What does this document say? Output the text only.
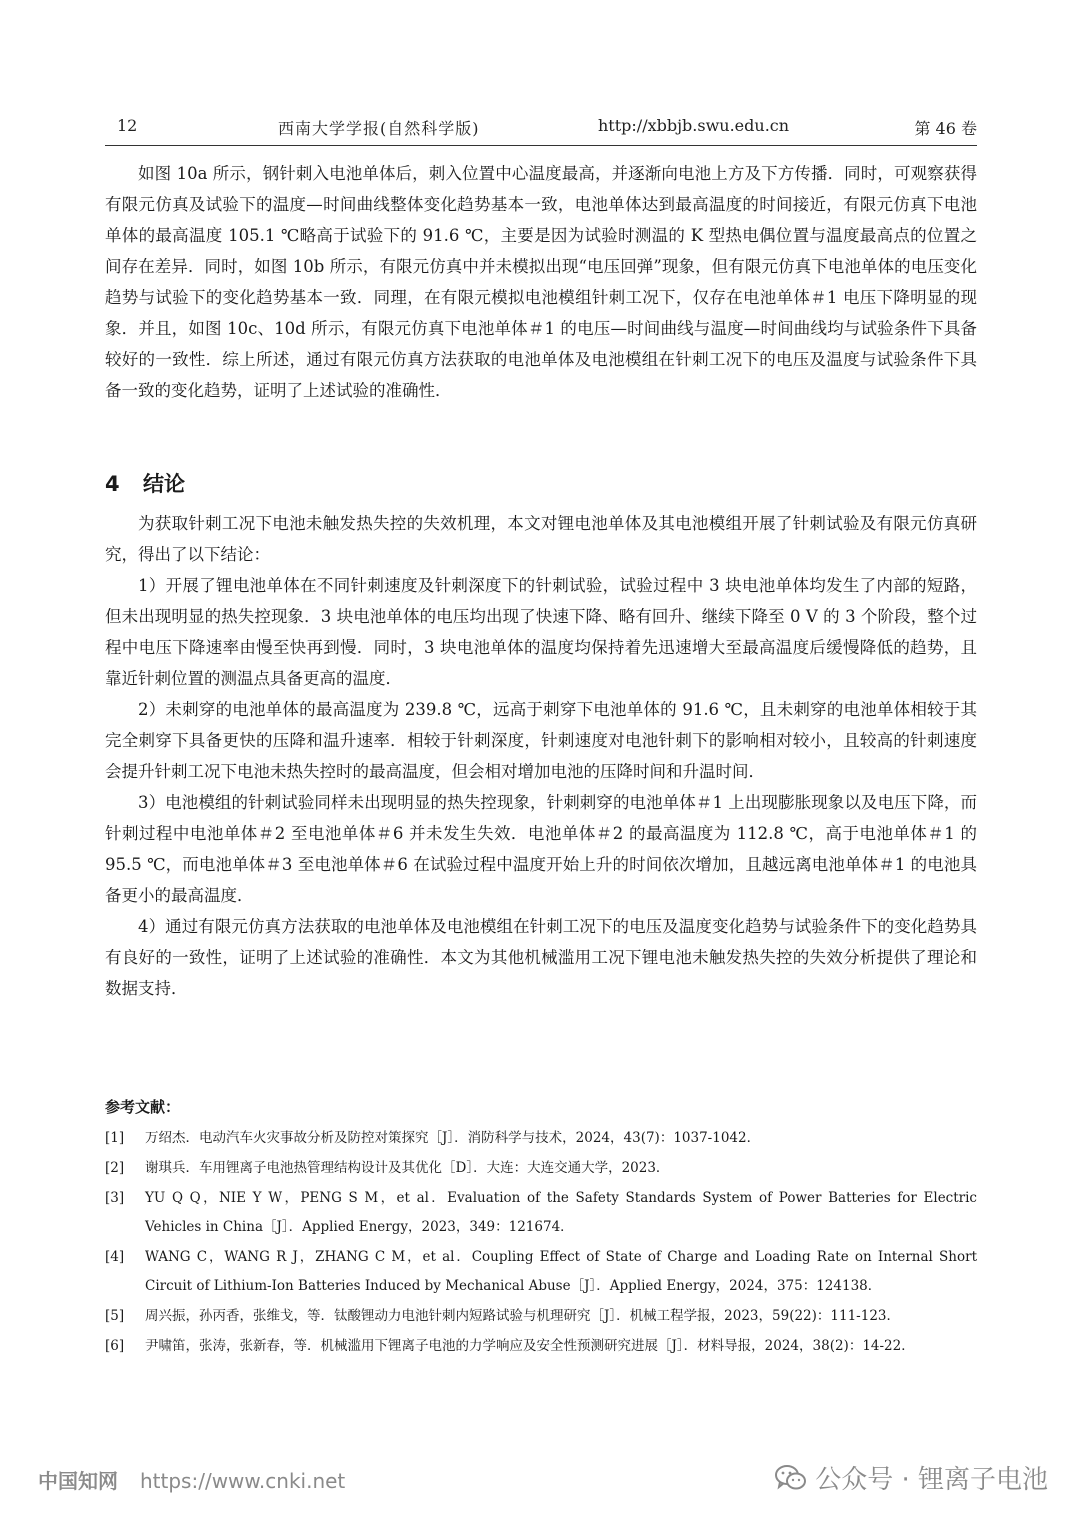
12	西南大学学报(自然科学版)	http://xbbjb.swu.edu.cn	第 46 卷

如图 10a 所示，钢针刺入电池单体后，刺入位置中心温度最高，并逐渐向电池上方及下方传播．同时，可观察获得有限元仿真及试验下的温度—时间曲线整体变化趋势基本一致，电池单体达到最高温度的时间接近，有限元仿真下电池单体的最高温度 105.1 ℃略高于试验下的 91.6 ℃，主要是因为试验时测温的 K 型热电偶位置与温度最高点的位置之间存在差异．同时，如图 10b 所示，有限元仿真中并未模拟出现“电压回弹”现象，但有限元仿真下电池单体的电压变化趋势与试验下的变化趋势基本一致．同理，在有限元模拟电池模组针刺工况下，仅存在电池单体＃1 电压下降明显的现象．并且，如图 10c、10d 所示，有限元仿真下电池单体＃1 的电压—时间曲线与温度—时间曲线均与试验条件下具备较好的一致性．综上所述，通过有限元仿真方法获取的电池单体及电池模组在针刺工况下的电压及温度与试验条件下具备一致的变化趋势，证明了上述试验的准确性．

4 结论

为获取针刺工况下电池未触发热失控的失效机理，本文对锂电池单体及其电池模组开展了针刺试验及有限元仿真研究，得出了以下结论：

1）开展了锂电池单体在不同针刺速度及针刺深度下的针刺试验，试验过程中 3 块电池单体均发生了内部的短路，但未出现明显的热失控现象．3 块电池单体的电压均出现了快速下降、略有回升、继续下降至 0 V 的 3 个阶段，整个过程中电压下降速率由慢至快再到慢．同时，3 块电池单体的温度均保持着先迅速增大至最高温度后缓慢降低的趋势，且靠近针刺位置的测温点具备更高的温度．

2）未刺穿的电池单体的最高温度为 239.8 ℃，远高于刺穿下电池单体的 91.6 ℃，且未刺穿的电池单体相较于其完全刺穿下具备更快的压降和温升速率．相较于针刺深度，针刺速度对电池针刺下的影响相对较小，且较高的针刺速度会提升针刺工况下电池未热失控时的最高温度，但会相对增加电池的压降时间和升温时间．

3）电池模组的针刺试验同样未出现明显的热失控现象，针刺刺穿的电池单体＃1 上出现膨胀现象以及电压下降，而针刺过程中电池单体＃2 至电池单体＃6 并未发生失效．电池单体＃2 的最高温度为 112.8 ℃，高于电池单体＃1 的 95.5 ℃，而电池单体＃3 至电池单体＃6 在试验过程中温度开始上升的时间依次增加，且越远离电池单体＃1 的电池具备更小的最高温度．

4）通过有限元仿真方法获取的电池单体及电池模组在针刺工况下的电压及温度变化趋势与试验条件下的变化趋势具有良好的一致性，证明了上述试验的准确性．本文为其他机械滥用工况下锂电池未触发热失控的失效分析提供了理论和数据支持．

参考文献：
[1]	万绍杰．电动汽车火灾事故分析及防控对策探究［J］．消防科学与技术，2024，43(7)：1037-1042．
[2]	谢琪兵．车用锂离子电池热管理结构设计及其优化［D］．大连：大连交通大学，2023．
[3]	YU Q Q，NIE Y W，PENG S M，et al．Evaluation of the Safety Standards System of Power Batteries for Electric Vehicles in China［J］．Applied Energy，2023，349：121674．
[4]	WANG C，WANG R J，ZHANG C M，et al．Coupling Effect of State of Charge and Loading Rate on Internal Short Circuit of Lithium-Ion Batteries Induced by Mechanical Abuse［J］．Applied Energy，2024，375：124138．
[5]	周兴振，孙丙香，张维戈，等．钛酸锂动力电池针刺内短路试验与机理研究［J］．机械工程学报，2023，59(22)：111-123．
[6]	尹啸笛，张涛，张新春，等．机械滥用下锂离子电池的力学响应及安全性预测研究进展［J］．材料导报，2024，38(2)：14-22．
中国知网 https://www.cnki.net	公众号 · 锂离子电池
